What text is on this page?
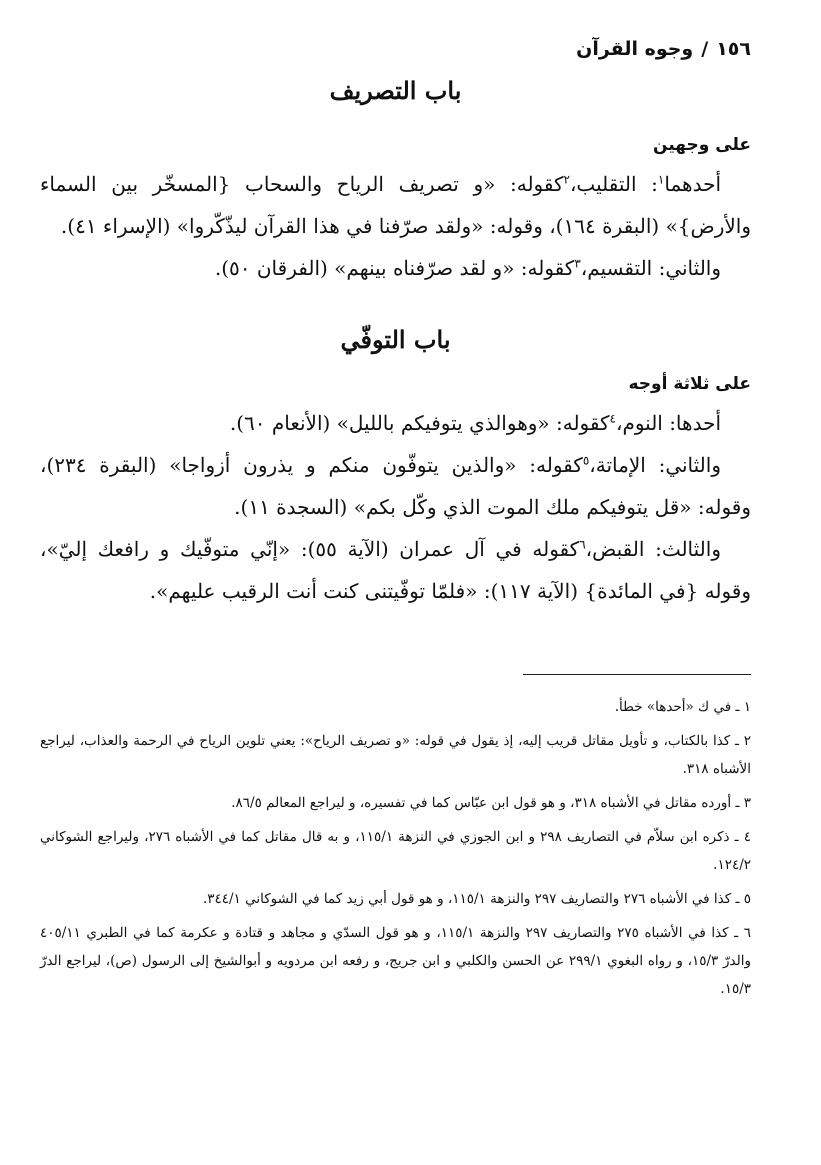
١٥٦/وجوه القرآن
باب التصريف
على وجهين

أحدهما$^١$: التقليب،$^٢$كقوله: «و تصريف الرياح والسحاب {المسخّر بين السماء والأرض}» (البقرة ١٦٤)، وقوله: «ولقد صرّفنا في هذا القرآن ليذّكّروا» (الإسراء ٤١).

والثاني: التقسيم،$^٣$كقوله: «و لقد صرّفناه بينهم» (الفرقان ٥٠).

باب التوفّي
على ثلاثة أوجه

أحدها: النوم،$^٤$كقوله: «وهوالذي يتوفيكم بالليل» (الأنعام ٦٠).

والثاني: الإماتة،$^٥$كقوله: «والذين يتوفّون منكم و يذرون أزواجا» (البقرة ٢٣٤)، وقوله: «قل يتوفيكم ملك الموت الذي وكّل بكم» (السجدة ١١).

والثالث: القبض،$^٦$كقوله في آل عمران (الآية ٥٥): «إنّي متوفّيك و رافعك إليّ»، وقوله {في المائدة} (الآية ١١٧): «فلمّا توفّيتنى كنت أنت الرقيب عليهم».

١ ـ في ك «أحدها» خطأ.

٢ ـ كذا بالكتاب، و تأويل مقاتل قريب إليه، إذ يقول في قوله: «و تصريف الرياح»: يعني تلوين الرياح في الرحمة والعذاب، ليراجع الأشباه ٣١٨.

٣ ـ أورده مقاتل في الأشباه ٣١٨، و هو قول ابن عبّاس كما في تفسيره، و ليراجع المعالم ٨٦/٥.

٤ ـ ذكره ابن سلاّم في التصاريف ٢٩٨ و ابن الجوزي في النزهة ١١٥/١، و به قال مقاتل كما في الأشباه ٢٧٦، وليراجع الشوكاني ١٢٤/٢.

٥ ـ كذا في الأشباه ٢٧٦ والتصاريف ٢٩٧ والنزهة ١١٥/١، و هو قول أبي زيد كما في الشوكاني ٣٤٤/١.

٦ ـ كذا في الأشباه ٢٧٥ والتصاريف ٢٩٧ والنزهة ١١٥/١، و هو قول السدّي و مجاهد و قتادة و عكرمة كما في الطبري ٤٠٥/١١ والدرّ ١٥/٣، و رواه البغوي ٢٩٩/١ عن الحسن والكلبي و ابن جريج، و رفعه ابن مردويه و أبوالشيخ إلى الرسول (ص)، ليراجع الدرّ ١٥/٣.
